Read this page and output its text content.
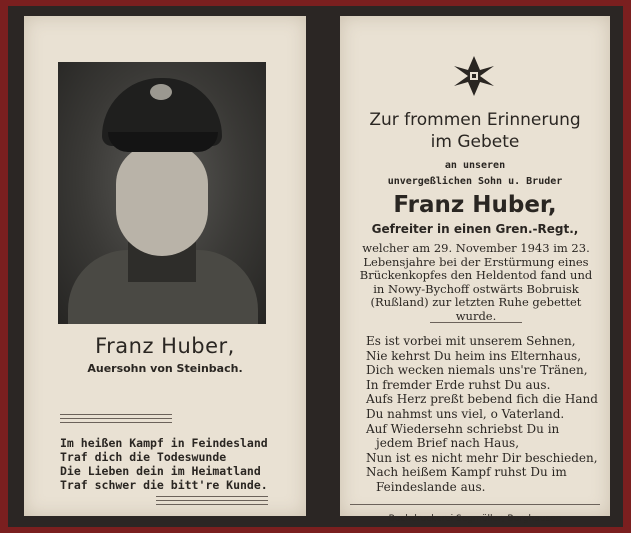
Franz Huber,
Auersohn von Steinbach.
Im heißen Kampf in Feindesland
Traf dich die Todeswunde
Die Lieben dein im Heimatland
Traf schwer die bitt're Kunde.
Zur frommen Erinnerung
im Gebete
an unseren
unvergeßlichen Sohn u. Bruder
Franz Huber,
Gefreiter in einen Gren.-Regt.,
welcher am 29. November 1943 im 23. Lebensjahre bei der Erstürmung eines Brückenkopfes den Heldentod fand und in Nowy-Bychoff ostwärts Bobruisk (Rußland) zur letzten Ruhe gebettet wurde.
Es ist vorbei mit unserem Sehnen,
Nie kehrst Du heim ins Elternhaus,
Dich wecken niemals uns're Tränen,
In fremder Erde ruhst Du aus.
Aufs Herz preßt bebend fich die Hand
Du nahmst uns viel, o Vaterland.
Auf Wiedersehn schriebst Du in
jedem Brief nach Haus,
Nun ist es nicht mehr Dir beschieden,
Nach heißem Kampf ruhst Du im
Feindeslande aus.
Buchdruckerei Segmüller, Burghausen
